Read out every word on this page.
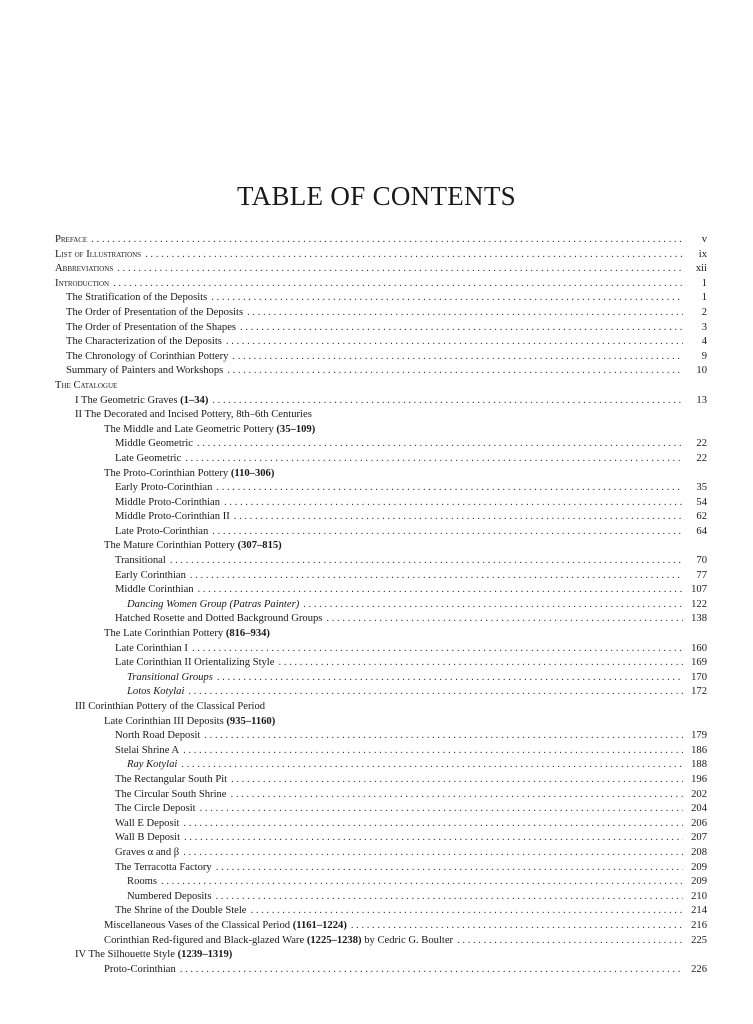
TABLE OF CONTENTS
Preface . . .	v
List of Illustrations . . .	ix
Abbreviations . . .	xii
Introduction . . .	1
The Stratification of the Deposits . . .	1
The Order of Presentation of the Deposits . . .	2
The Order of Presentation of the Shapes . . .	3
The Characterization of the Deposits . . .	4
The Chronology of Corinthian Pottery . . .	9
Summary of Painters and Workshops . . .	10
The Catalogue
I The Geometric Graves (1–34) . . .	13
II The Decorated and Incised Pottery, 8th–6th Centuries
The Middle and Late Geometric Pottery (35–109)
Middle Geometric . . .	22
Late Geometric . . .	22
The Proto-Corinthian Pottery (110–306)
Early Proto-Corinthian . . .	35
Middle Proto-Corinthian . . .	54
Middle Proto-Corinthian II . . .	62
Late Proto-Corinthian . . .	64
The Mature Corinthian Pottery (307–815)
Transitional . . .	70
Early Corinthian . . .	77
Middle Corinthian . . .	107
Dancing Women Group (Patras Painter) . . .	122
Hatched Rosette and Dotted Background Groups . . .	138
The Late Corinthian Pottery (816–934)
Late Corinthian I . . .	160
Late Corinthian II Orientalizing Style . . .	169
Transitional Groups . . .	170
Lotos Kotylai . . .	172
III Corinthian Pottery of the Classical Period
Late Corinthian III Deposits (935–1160)
North Road Deposit . . .	179
Stelai Shrine A . . .	186
Ray Kotylai . . .	188
The Rectangular South Pit . . .	196
The Circular South Shrine . . .	202
The Circle Deposit . . .	204
Wall E Deposit . . .	206
Wall B Deposit . . .	207
Graves α and β . . .	208
The Terracotta Factory . . .	209
Rooms . . .	209
Numbered Deposits . . .	210
The Shrine of the Double Stele . . .	214
Miscellaneous Vases of the Classical Period (1161–1224) . . .	216
Corinthian Red-figured and Black-glazed Ware (1225–1238) by Cedric G. Boulter . . .	225
IV The Silhouette Style (1239–1319)
Proto-Corinthian . . .	226
